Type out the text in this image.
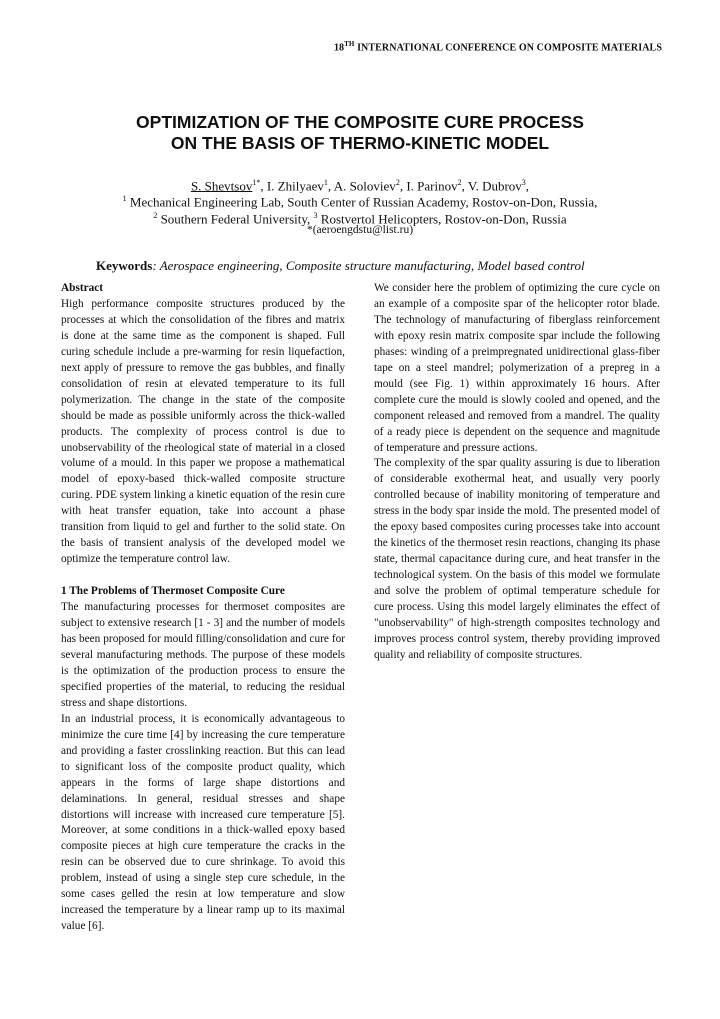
18TH INTERNATIONAL CONFERENCE ON COMPOSITE MATERIALS
OPTIMIZATION OF THE COMPOSITE CURE PROCESS
ON THE BASIS OF THERMO-KINETIC MODEL
S. Shevtsov$^{1*}$, I. Zhilyaev$^1$, A. Soloviev$^2$, I. Parinov$^2$, V. Dubrov$^3$,
$^1$ Mechanical Engineering Lab, South Center of Russian Academy, Rostov-on-Don, Russia,
$^2$ Southern Federal University, $^3$ Rostvertol Helicopters, Rostov-on-Don, Russia
*(aeroengdstu@list.ru)
Keywords: Aerospace engineering, Composite structure manufacturing, Model based control

Abstract

High performance composite structures produced by the processes at which the consolidation of the fibres and matrix is done at the same time as the component is shaped. Full curing schedule include a pre-warming for resin liquefaction, next apply of pressure to remove the gas bubbles, and finally consolidation of resin at elevated temperature to its full polymerization. The change in the state of the composite should be made as possible uniformly across the thick-walled products. The complexity of process control is due to unobservability of the rheological state of material in a closed volume of a mould. In this paper we propose a mathematical model of epoxy-based thick-walled composite structure curing. PDE system linking a kinetic equation of the resin cure with heat transfer equation, take into account a phase transition from liquid to gel and further to the solid state. On the basis of transient analysis of the developed model we optimize the temperature control law.

1 The Problems of Thermoset Composite Cure

The manufacturing processes for thermoset composites are subject to extensive research [1 - 3] and the number of models has been proposed for mould filling/consolidation and cure for several manufacturing methods. The purpose of these models is the optimization of the production process to ensure the specified properties of the material, to reducing the residual stress and shape distortions.

In an industrial process, it is economically advantageous to minimize the cure time [4] by increasing the cure temperature and providing a faster crosslinking reaction. But this can lead to significant loss of the composite product quality, which appears in the forms of large shape distortions and delaminations. In general, residual stresses and shape distortions will increase with increased cure temperature [5]. Moreover, at some conditions in a thick-walled epoxy based composite pieces at high cure temperature the cracks in the resin can be observed due to cure shrinkage. To avoid this problem, instead of using a single step cure schedule, in the some cases gelled the resin at low temperature and slow increased the temperature by a linear ramp up to its maximal value [6].

We consider here the problem of optimizing the cure cycle on an example of a composite spar of the helicopter rotor blade. The technology of manufacturing of fiberglass reinforcement with epoxy resin matrix composite spar include the following phases: winding of a preimpregnated unidirectional glass-fiber tape on a steel mandrel; polymerization of a prepreg in a mould (see Fig. 1) within approximately 16 hours. After complete cure the mould is slowly cooled and opened, and the component released and removed from a mandrel. The quality of a ready piece is dependent on the sequence and magnitude of temperature and pressure actions.

The complexity of the spar quality assuring is due to liberation of considerable exothermal heat, and usually very poorly controlled because of inability monitoring of temperature and stress in the body spar inside the mold. The presented model of the epoxy based composites curing processes take into account the kinetics of the thermoset resin reactions, changing its phase state, thermal capacitance during cure, and heat transfer in the technological system. On the basis of this model we formulate and solve the problem of optimal temperature schedule for cure process. Using this model largely eliminates the effect of "unobservability" of high-strength composites technology and improves process control system, thereby providing improved quality and reliability of composite structures.
